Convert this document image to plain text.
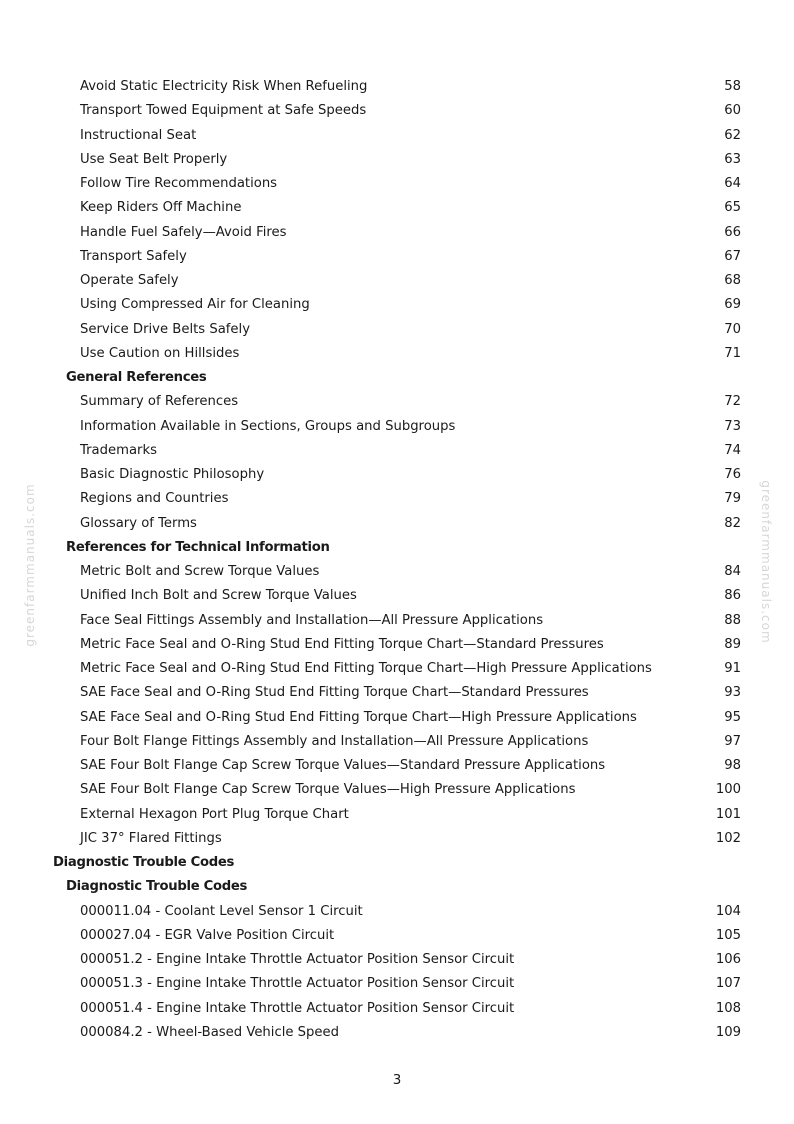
greenfarmmanuals.com	greenfarmmanuals.com
Avoid Static Electricity Risk When Refueling	58
Transport Towed Equipment at Safe Speeds	60
Instructional Seat	62
Use Seat Belt Properly	63
Follow Tire Recommendations	64
Keep Riders Off Machine	65
Handle Fuel Safely—Avoid Fires	66
Transport Safely	67
Operate Safely	68
Using Compressed Air for Cleaning	69
Service Drive Belts Safely	70
Use Caution on Hillsides	71
General References
Summary of References	72
Information Available in Sections, Groups and Subgroups	73
Trademarks	74
Basic Diagnostic Philosophy	76
Regions and Countries	79
Glossary of Terms	82
References for Technical Information
Metric Bolt and Screw Torque Values	84
Unified Inch Bolt and Screw Torque Values	86
Face Seal Fittings Assembly and Installation—All Pressure Applications	88
Metric Face Seal and O-Ring Stud End Fitting Torque Chart—Standard Pressures	89
Metric Face Seal and O-Ring Stud End Fitting Torque Chart—High Pressure Applications	91
SAE Face Seal and O-Ring Stud End Fitting Torque Chart—Standard Pressures	93
SAE Face Seal and O-Ring Stud End Fitting Torque Chart—High Pressure Applications	95
Four Bolt Flange Fittings Assembly and Installation—All Pressure Applications	97
SAE Four Bolt Flange Cap Screw Torque Values—Standard Pressure Applications	98
SAE Four Bolt Flange Cap Screw Torque Values—High Pressure Applications	100
External Hexagon Port Plug Torque Chart	101
JIC 37° Flared Fittings	102
Diagnostic Trouble Codes
Diagnostic Trouble Codes
000011.04 - Coolant Level Sensor 1 Circuit	104
000027.04 - EGR Valve Position Circuit	105
000051.2 - Engine Intake Throttle Actuator Position Sensor Circuit	106
000051.3 - Engine Intake Throttle Actuator Position Sensor Circuit	107
000051.4 - Engine Intake Throttle Actuator Position Sensor Circuit	108
000084.2 - Wheel-Based Vehicle Speed	109
3
